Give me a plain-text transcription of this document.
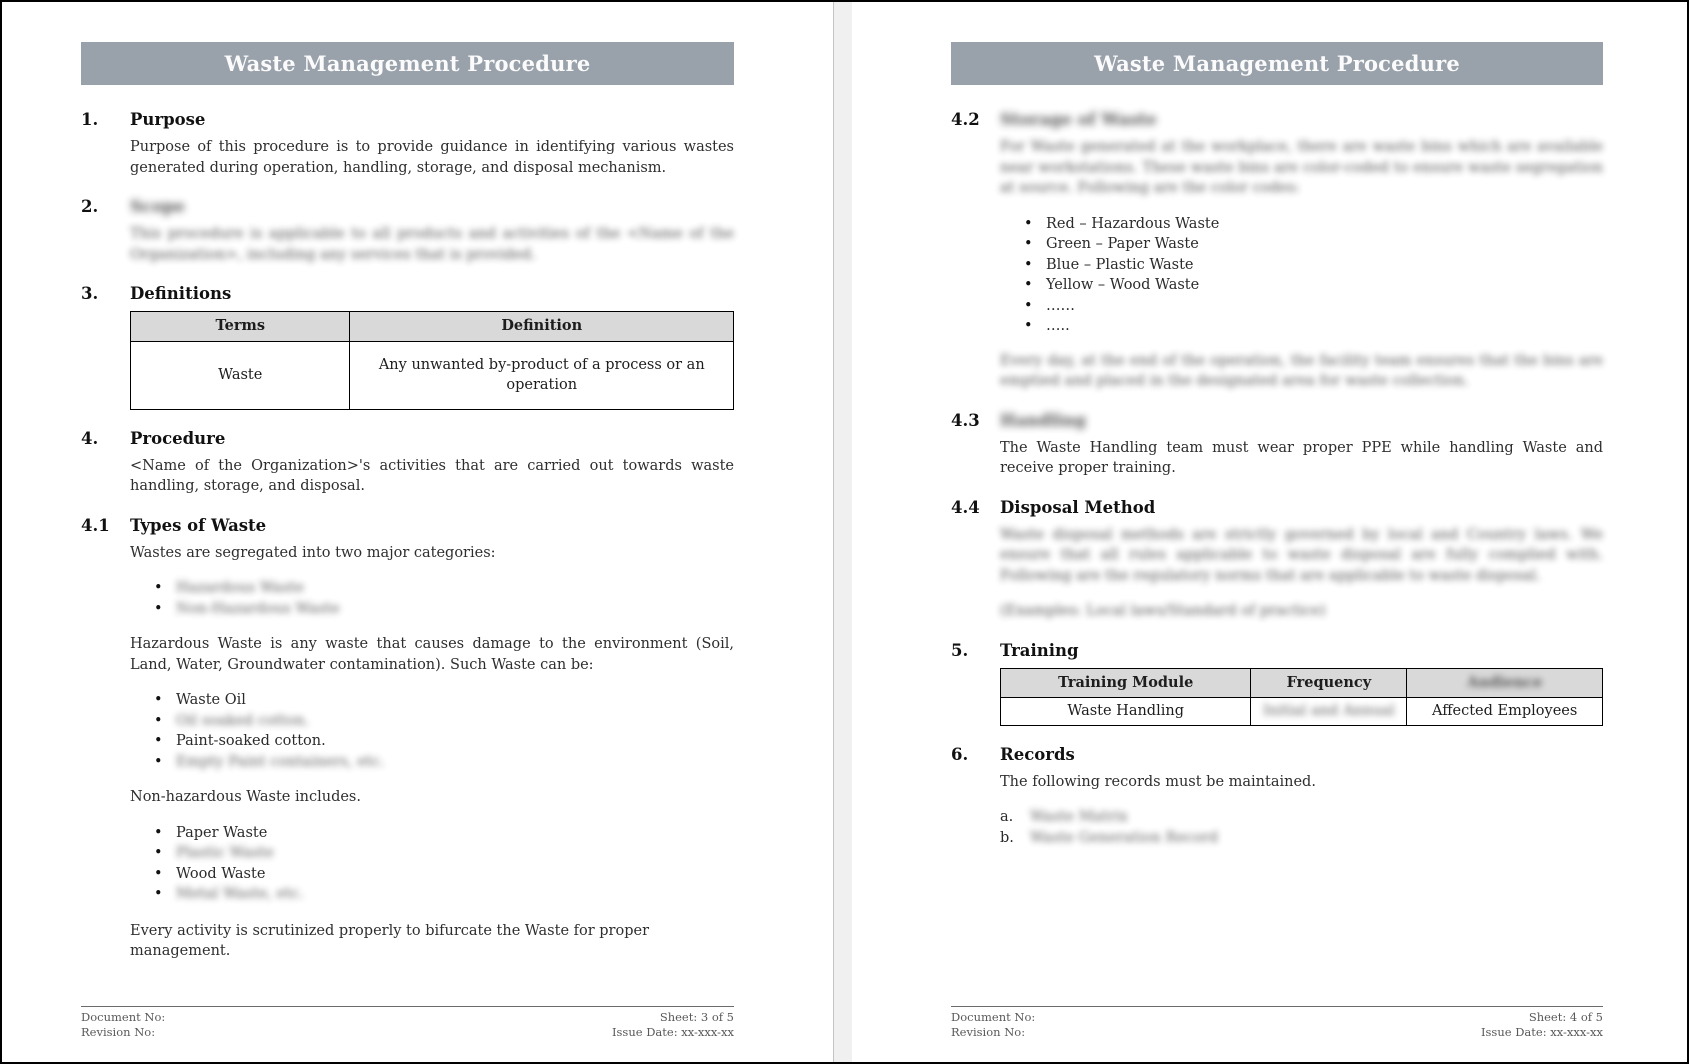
Waste Management Procedure
1.	Purpose

Purpose of this procedure is to provide guidance in identifying various wastes generated during operation, handling, storage, and disposal mechanism.

2.	Scope

This procedure is applicable to all products and activities of the <Name of the Organization>, including any services that is provided.

3.	Definitions
Terms	Definition
Waste	Any unwanted by-product of a process or an operation
4.	Procedure

<Name of the Organization>'s activities that are carried out towards waste handling, storage, and disposal.

4.1	Types of Waste

Wastes are segregated into two major categories:

• Hazardous Waste
• Non-Hazardous Waste

Hazardous Waste is any waste that causes damage to the environment (Soil, Land, Water, Groundwater contamination). Such Waste can be:

• Waste Oil
• Oil soaked cotton.
• Paint-soaked cotton.
• Empty Paint containers, etc.

Non-hazardous Waste includes.

• Paper Waste
• Plastic Waste
• Wood Waste
• Metal Waste, etc.

Every activity is scrutinized properly to bifurcate the Waste for proper management.

Document No:
Revision No:
Sheet: 3 of 5
Issue Date: xx-xxx-xx
Waste Management Procedure
4.2	Storage of Waste

For Waste generated at the workplace, there are waste bins which are available near workstations. These waste bins are color-coded to ensure waste segregation at source. Following are the color codes:

• Red – Hazardous Waste
• Green – Paper Waste
• Blue – Plastic Waste
• Yellow – Wood Waste
• ……
• …..

Every day, at the end of the operation, the facility team ensures that the bins are emptied and placed in the designated area for waste collection.

4.3	Handling

The Waste Handling team must wear proper PPE while handling Waste and receive proper training.

4.4	Disposal Method

Waste disposal methods are strictly governed by local and Country laws. We ensure that all rules applicable to waste disposal are fully complied with. Following are the regulatory norms that are applicable to waste disposal.

(Examples: Local laws/Standard of practice)

5.	Training
Training Module	Frequency	Audience
Waste Handling	Initial and Annual	Affected Employees
6.	Records

The following records must be maintained.

a.	Waste Matrix
b.	Waste Generation Record
Document No:
Revision No:
Sheet: 4 of 5
Issue Date: xx-xxx-xx
